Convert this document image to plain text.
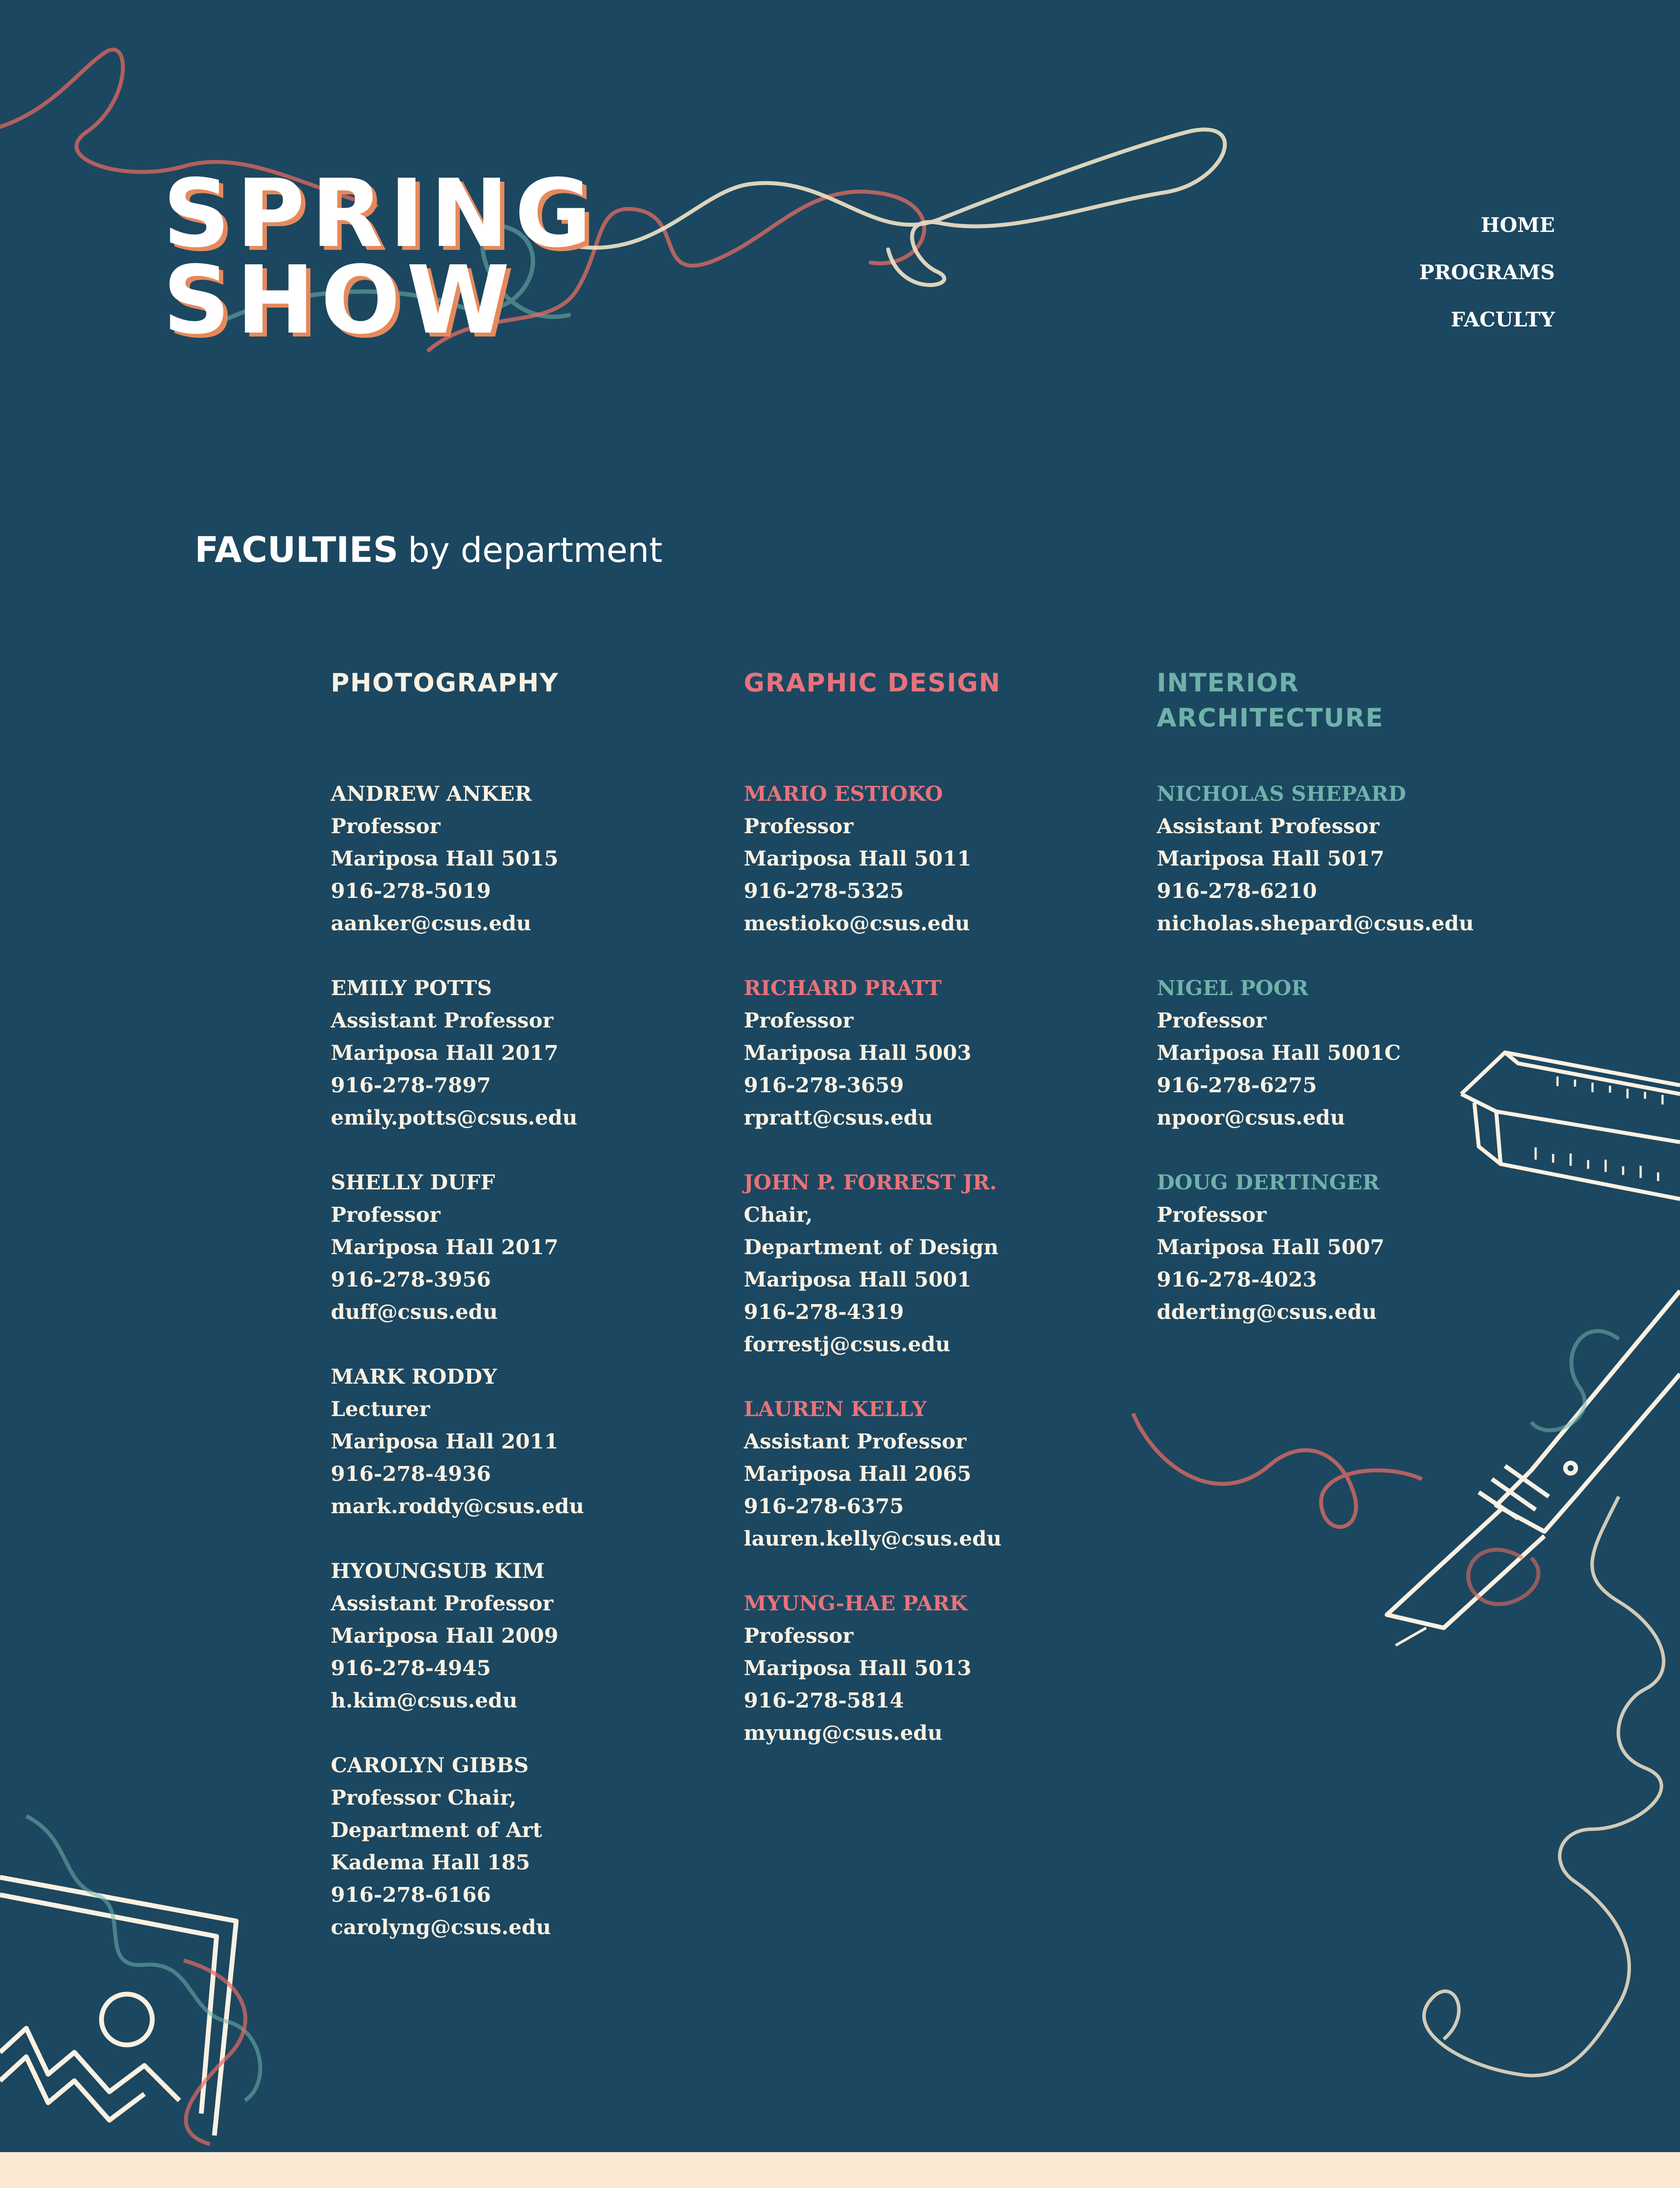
SPRING
SHOW
HOME
PROGRAMS
FACULTY
FACULTIES by department
PHOTOGRAPHY
ANDREW ANKER
Professor
Mariposa Hall 5015
916-278-5019
aanker@csus.edu
EMILY POTTS
Assistant Professor
Mariposa Hall 2017
916-278-7897
emily.potts@csus.edu
SHELLY DUFF
Professor
Mariposa Hall 2017
916-278-3956
duff@csus.edu
MARK RODDY
Lecturer
Mariposa Hall 2011
916-278-4936
mark.roddy@csus.edu
HYOUNGSUB KIM
Assistant Professor
Mariposa Hall 2009
916-278-4945
h.kim@csus.edu
CAROLYN GIBBS
Professor Chair,
Department of Art
Kadema Hall 185
916-278-6166
carolyng@csus.edu
GRAPHIC DESIGN
MARIO ESTIOKO
Professor
Mariposa Hall 5011
916-278-5325
mestioko@csus.edu
RICHARD PRATT
Professor
Mariposa Hall 5003
916-278-3659
rpratt@csus.edu
JOHN P. FORREST JR.
Chair,
Department of Design
Mariposa Hall 5001
916-278-4319
forrestj@csus.edu
LAUREN KELLY
Assistant Professor
Mariposa Hall 2065
916-278-6375
lauren.kelly@csus.edu
MYUNG-HAE PARK
Professor
Mariposa Hall 5013
916-278-5814
myung@csus.edu
INTERIOR
ARCHITECTURE
NICHOLAS SHEPARD
Assistant Professor
Mariposa Hall 5017
916-278-6210
nicholas.shepard@csus.edu
NIGEL POOR
Professor
Mariposa Hall 5001C
916-278-6275
npoor@csus.edu
DOUG DERTINGER
Professor
Mariposa Hall 5007
916-278-4023
dderting@csus.edu
